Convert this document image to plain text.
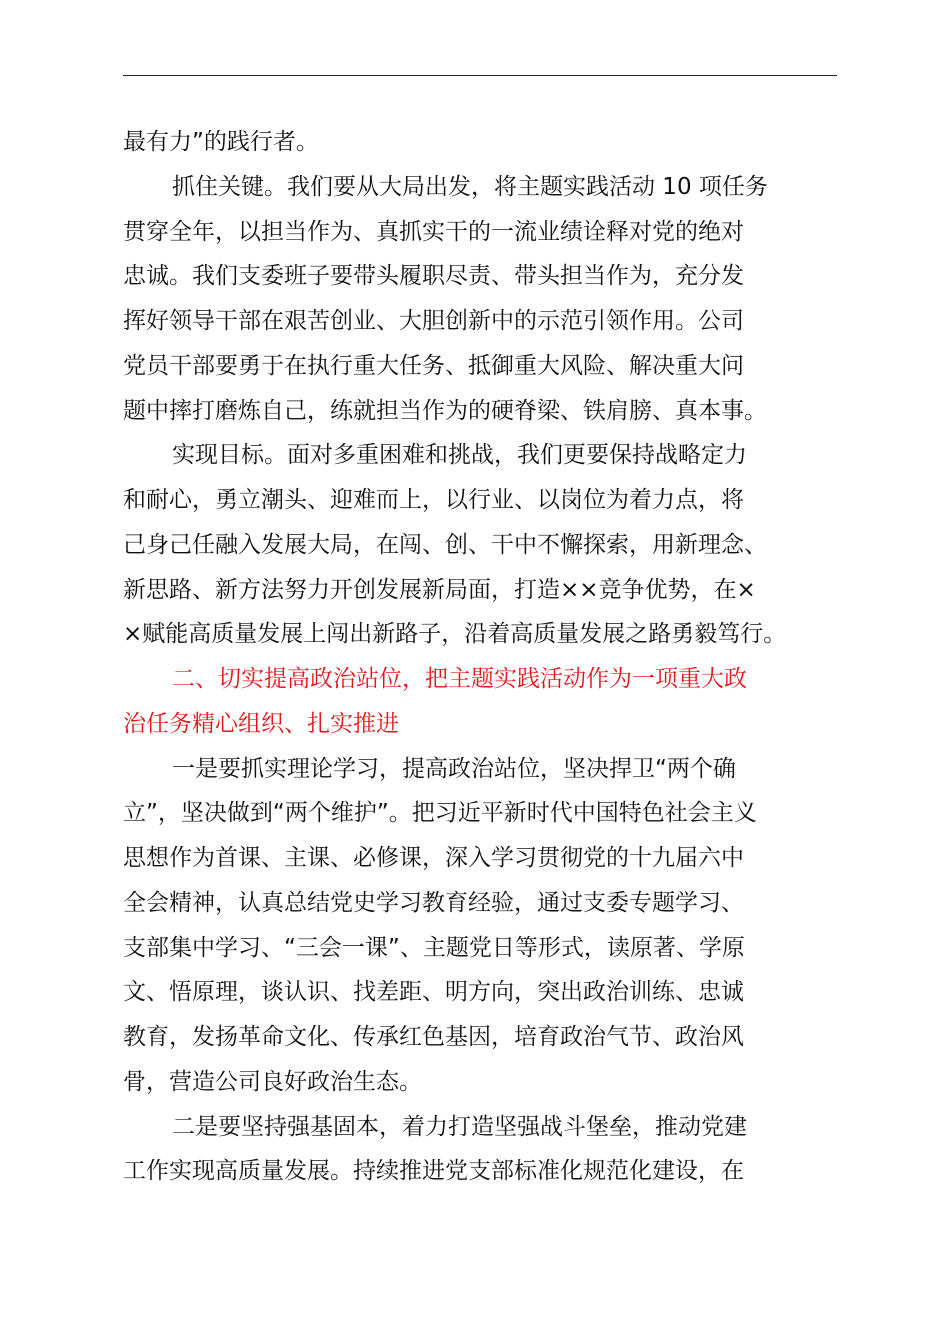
最有力”的践行者。
抓住关键。我们要从大局出发，将主题实践活动 10 项任务
贯穿全年，以担当作为、真抓实干的一流业绩诠释对党的绝对
忠诚。我们支委班子要带头履职尽责、带头担当作为，充分发
挥好领导干部在艰苦创业、大胆创新中的示范引领作用。公司
党员干部要勇于在执行重大任务、抵御重大风险、解决重大问
题中摔打磨炼自己，练就担当作为的硬脊梁、铁肩膀、真本事。
实现目标。面对多重困难和挑战，我们更要保持战略定力
和耐心，勇立潮头、迎难而上，以行业、以岗位为着力点，将
己身己任融入发展大局，在闯、创、干中不懈探索，用新理念、
新思路、新方法努力开创发展新局面，打造××竞争优势，在×
×赋能高质量发展上闯出新路子，沿着高质量发展之路勇毅笃行。
二、切实提高政治站位，把主题实践活动作为一项重大政
治任务精心组织、扎实推进
一是要抓实理论学习，提高政治站位，坚决捍卫“两个确
立”，坚决做到“两个维护”。把习近平新时代中国特色社会主义
思想作为首课、主课、必修课，深入学习贯彻党的十九届六中
全会精神，认真总结党史学习教育经验，通过支委专题学习、
支部集中学习、“三会一课”、主题党日等形式，读原著、学原
文、悟原理，谈认识、找差距、明方向，突出政治训练、忠诚
教育，发扬革命文化、传承红色基因，培育政治气节、政治风
骨，营造公司良好政治生态。
二是要坚持强基固本，着力打造坚强战斗堡垒，推动党建
工作实现高质量发展。持续推进党支部标准化规范化建设，在
